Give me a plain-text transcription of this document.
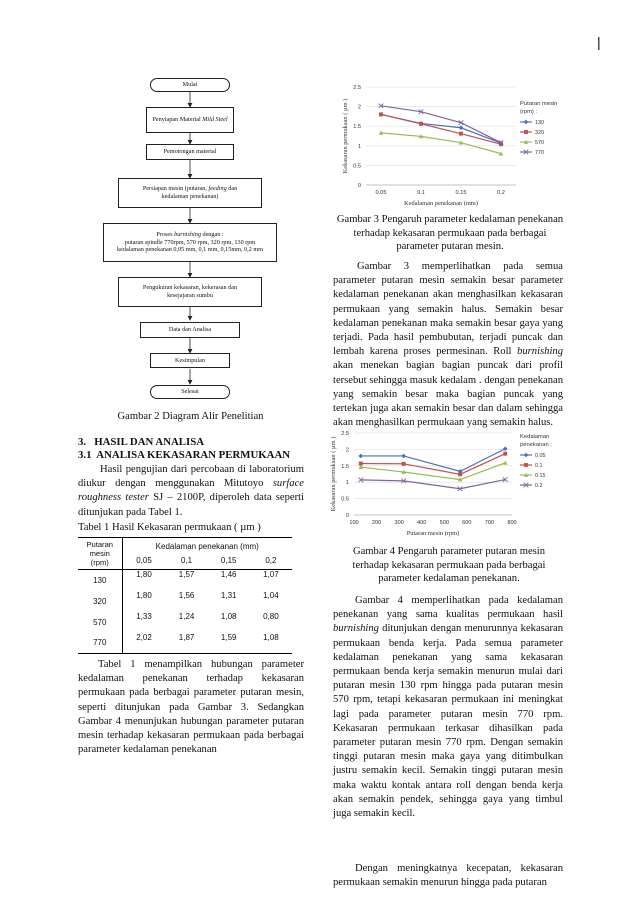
|
Mulai
Penyiapan Material Mild Steel
Pemotongan material
Persiapan mesin (putaran, feeding dan
kedalaman penekanan)
Proses burnishing dengan :
putaran spindle 770rpm, 570 rpm, 320 rpm, 130 rpm
kedalaman penekanan 0,05 mm, 0,1 mm, 0,15mm, 0,2 mm
Pengukuran kekasaran, kekerasan dan
kesejajaran sumbu
Data dan Analisa
Kesimpulan
Selesai
Gambar 2 Diagram Alir Penelitian
3.   HASIL DAN ANALISA
3.1  ANALISA KEKASARAN PERMUKAAN
Hasil pengujian dari percobaan di laboratorium diukur dengan menggunakan Mitutoyo surface roughness tester SJ – 2100P, diperoleh data seperti ditunjukan pada Tabel 1.
Tabel 1 Hasil Kekasaran permukaan ( µm )
Putaran mesin (rpm)	Kedalaman penekanan (mm)			
	0,05	0,1	0,15	0,2
130	1,80	1,57	1,46	1,07
320	1,80	1,56	1,31	1,04
570	1,33	1,24	1,08	0,80
770	2,02	1,87	1,59	1,08
Tabel 1 menampilkan hubungan parameter kedalaman penekanan terhadap kekasaran permukaan pada berbagai parameter putaran mesin, seperti ditunjukan pada Gambar 3. Sedangkan Gambar 4 menunjukan hubungan parameter putaran mesin terhadap kekasaran permukaan pada berbagai parameter kedalaman penekanan
0
0.5
1
1.5
2
2.5
0.05	0.1	0.15	0.2
Kedalaman penekanan (mm)
Kekasaran permukaan ( µm )	Putaran mesin
(rpm) :
130
320
570
770
Gambar 3 Pengaruh parameter kedalaman penekanan terhadap kekasaran permukaan pada berbagai parameter putaran mesin.
Gambar 3 memperlihatkan pada semua parameter putaran mesin semakin besar parameter kedalaman penekanan akan menghasilkan kekasaran permukaan yang semakin halus. Semakin besar kedalaman penekanan maka semakin besar gaya yang terjadi. Pada hasil pembubutan, terjadi puncak dan lembah karena proses permesinan. Roll burnishing akan menekan bagian bagian puncak dari profil tersebut sehingga masuk kedalam . dengan penekanan yang semakin besar maka bagian puncak yang tertekan juga akan semakin besar dan dalam sehingga akan menghasilkan permukaan yang semakin halus.
0
0.5
1
1.5
2
2.5
100 200 300 400 500 600 700 800
Putaran mesin (rpm)
Kekasaran permukaan ( µm )	Kedalaman
penekanan :
0.05
0.1
0.15
0.2
Gambar 4 Pengaruh parameter putaran mesin terhadap kekasaran permukaan pada berbagai parameter kedalaman penekanan.
Gambar 4 memperlihatkan pada kedalaman penekanan yang sama kualitas permukaan hasil burnishing ditunjukan dengan menurunnya kekasaran permukaan benda kerja. Pada semua parameter kedalaman penekanan yang sama kekasaran permukaan benda kerja semakin menurun mulai dari putaran mesin 130 rpm hingga pada putaran mesin 570 rpm, tetapi kekasaran permukaan ini meningkat lagi pada parameter putaran mesin 770 rpm. Kekasaran permukaan terkasar dihasilkan pada parameter putaran mesin 770 rpm. Dengan semakin tinggi putaran mesin maka gaya yang ditimbulkan justru semakin kecil. Semakin tinggi putaran mesin maka waktu kontak antara roll dengan benda kerja akan semakin pendek, sehingga gaya yang timbul juga semakin kecil.
Dengan meningkatnya kecepatan, kekasaran permukaan semakin menurun hingga pada putaran
